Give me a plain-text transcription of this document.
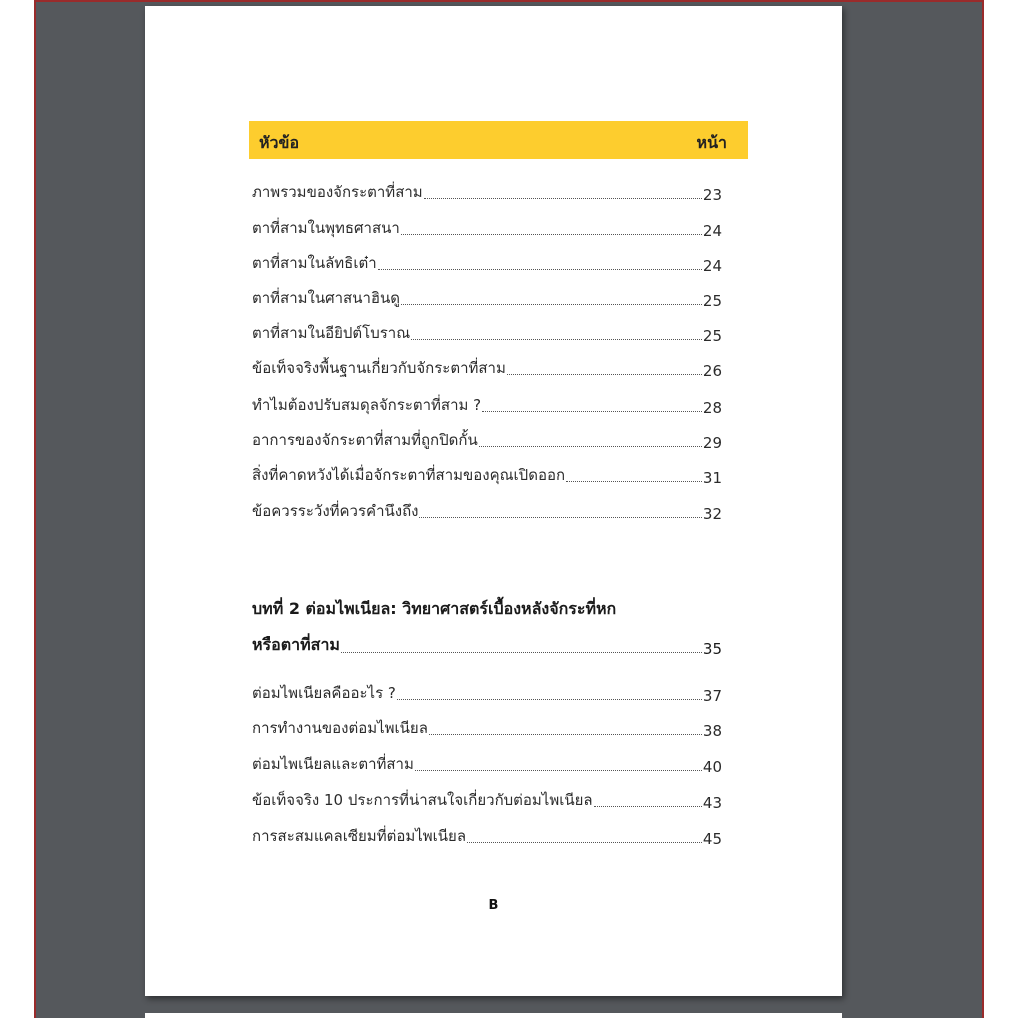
หัวข้อ	หน้า
ภาพรวมของจักระตาที่สาม	23
ตาที่สามในพุทธศาสนา	24
ตาที่สามในลัทธิเต๋า	24
ตาที่สามในศาสนาฮินดู	25
ตาที่สามในอียิปต์โบราณ	25
ข้อเท็จจริงพื้นฐานเกี่ยวกับจักระตาที่สาม	26
ทำไมต้องปรับสมดุลจักระตาที่สาม ?	28
อาการของจักระตาที่สามที่ถูกปิดกั้น	29
สิ่งที่คาดหวังได้เมื่อจักระตาที่สามของคุณเปิดออก	31
ข้อควรระวังที่ควรคำนึงถึง	32
บทที่ 2 ต่อมไพเนียล: วิทยาศาสตร์เบื้องหลังจักระที่หก
หรือตาที่สาม	35
ต่อมไพเนียลคืออะไร ?	37
การทำงานของต่อมไพเนียล	38
ต่อมไพเนียลและตาที่สาม	40
ข้อเท็จจริง 10 ประการที่น่าสนใจเกี่ยวกับต่อมไพเนียล	43
การสะสมแคลเซียมที่ต่อมไพเนียล	45
B
